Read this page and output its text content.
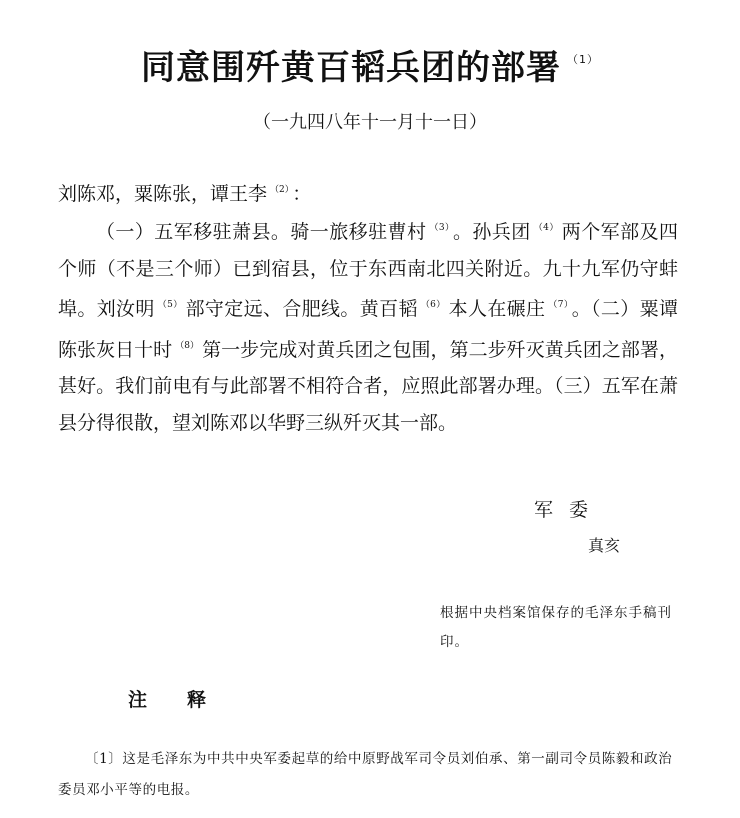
同意围歼黄百韬兵团的部署 $^{(1)}$
（一九四八年十一月十一日）
刘陈邓，粟陈张，谭王李 $^{(2)}$ ：
（一）五军移驻萧县。骑一旅移驻曹村 $^{(3)}$ 。孙兵团 $^{(4)}$ 两个军部及四个师（不是三个师）已到宿县，位于东西南北四关附近。九十九军仍守蚌埠。刘汝明 $^{(5)}$ 部守定远、合肥线。黄百韬 $^{(6)}$ 本人在碾庄 $^{(7)}$ 。（二）粟谭陈张灰日十时 $^{(8)}$ 第一步完成对黄兵团之包围，第二步歼灭黄兵团之部署，甚好。我们前电有与此部署不相符合者，应照此部署办理。（三）五军在萧县分得很散，望刘陈邓以华野三纵歼灭其一部。
军委
真亥
根据中央档案馆保存的毛泽东手稿刊印。
注释
〔1〕这是毛泽东为中共中央军委起草的给中原野战军司令员刘伯承、第一副司令员陈毅和政治委员邓小平等的电报。
